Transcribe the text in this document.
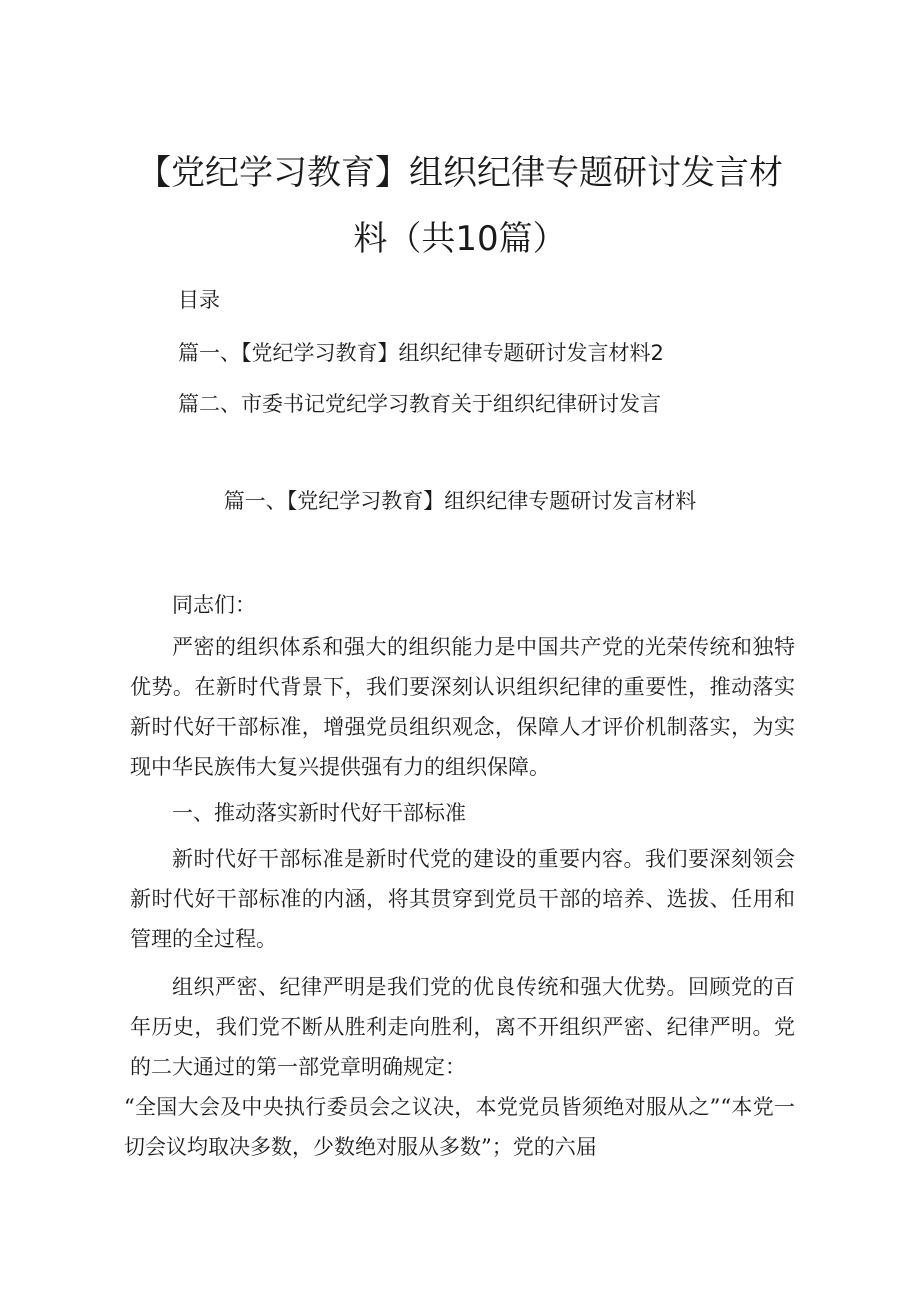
【党纪学习教育】组织纪律专题研讨发言材
料（共10篇）
目录
篇一、【党纪学习教育】组织纪律专题研讨发言材料2
篇二、市委书记党纪学习教育关于组织纪律研讨发言
篇一、【党纪学习教育】组织纪律专题研讨发言材料

同志们：

严密的组织体系和强大的组织能力是中国共产党的光荣传统和独特优势。在新时代背景下，我们要深刻认识组织纪律的重要性，推动落实新时代好干部标准，增强党员组织观念，保障人才评价机制落实，为实现中华民族伟大复兴提供强有力的组织保障。

一、推动落实新时代好干部标准

新时代好干部标准是新时代党的建设的重要内容。我们要深刻领会新时代好干部标准的内涵，将其贯穿到党员干部的培养、选拔、任用和管理的全过程。

组织严密、纪律严明是我们党的优良传统和强大优势。回顾党的百年历史，我们党不断从胜利走向胜利，离不开组织严密、纪律严明。党的二大通过的第一部党章明确规定：

“全国大会及中央执行委员会之议决，本党党员皆须绝对服从之”“本党一切会议均取决多数，少数绝对服从多数”；党的六届
